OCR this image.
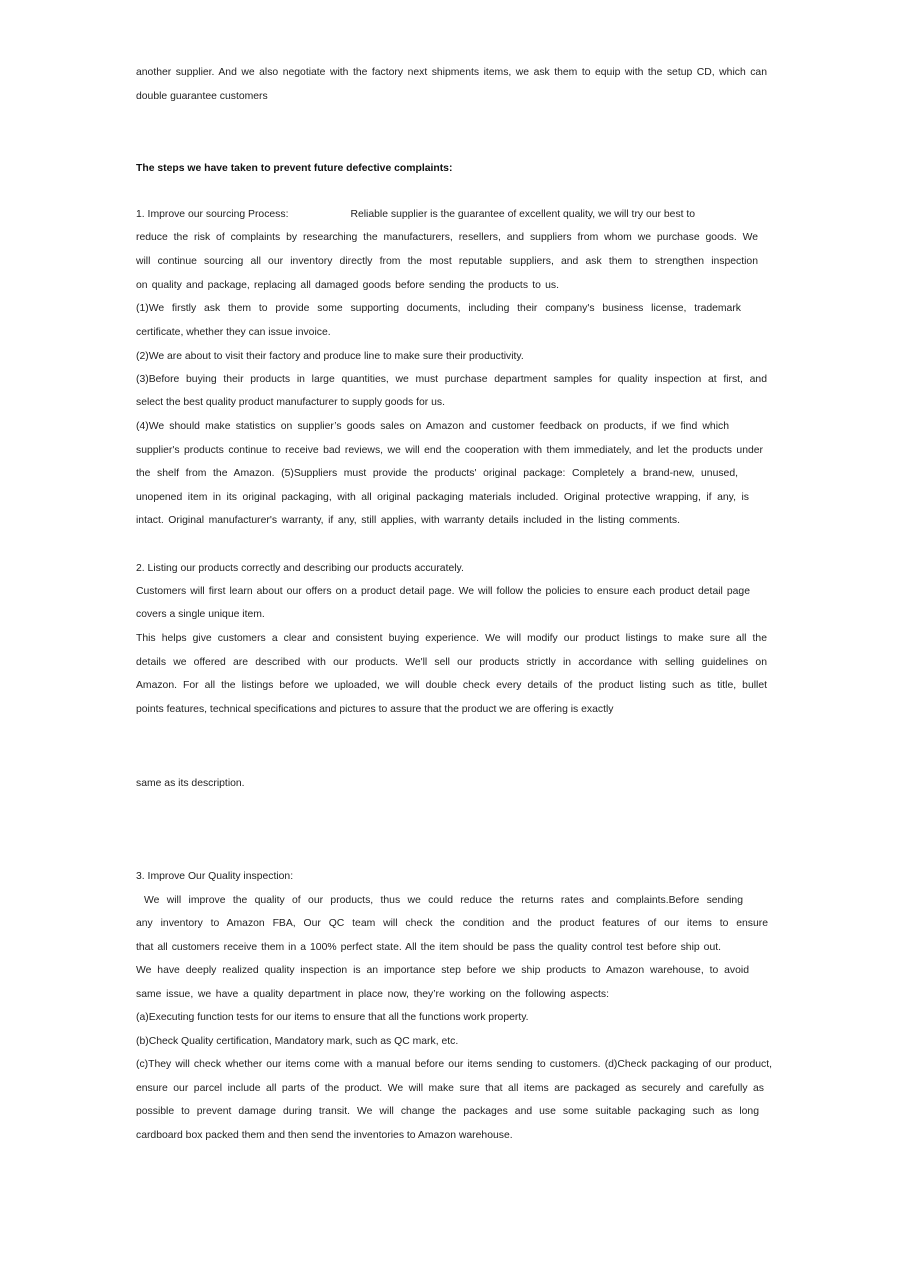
another supplier. And we also negotiate with the factory next shipments items, we ask them to equip with the setup CD, which can

double guarantee customers

The steps we have taken to prevent future defective complaints:

1. Improve our sourcing Process:	Reliable supplier is the guarantee of excellent quality, we will try our best to

reduce the risk of complaints by researching the manufacturers, resellers, and suppliers from whom we purchase goods. We

will continue sourcing all our inventory directly from the most reputable suppliers, and ask them to strengthen inspection

on quality and package, replacing all damaged goods before sending the products to us.

(1)We firstly ask them to provide some supporting documents, including their company's business license, trademark

certificate, whether they can issue invoice.

(2)We are about to visit their factory and produce line to make sure their productivity.

(3)Before buying their products in large quantities, we must purchase department samples for quality inspection at first, and

select the best quality product manufacturer to supply goods for us.

(4)We should make statistics on supplier’s goods sales on Amazon and customer feedback on products, if we find which

supplier's products continue to receive bad reviews, we will end the cooperation with them immediately, and let the products under

the shelf from the Amazon. (5)Suppliers must provide the products' original package: Completely a brand-new, unused,

unopened item in its original packaging, with all original packaging materials included. Original protective wrapping, if any, is

intact. Original manufacturer's warranty, if any, still applies, with warranty details included in the listing comments.

2. Listing our products correctly and describing our products accurately.

Customers will first learn about our offers on a product detail page. We will follow the policies to ensure each product detail page

covers a single unique item.

This helps give customers a clear and consistent buying experience. We will modify our product listings to make sure all the

details we offered are described with our products. We'll sell our products strictly in accordance with selling guidelines on

Amazon. For all the listings before we uploaded, we will double check every details of the product listing such as title, bullet

points features, technical specifications and pictures to assure that the product we are offering is exactly

same as its description.

3. Improve Our Quality inspection:

We will improve the quality of our products, thus we could reduce the returns rates and complaints.Before sending

any inventory to Amazon FBA, Our QC team will check the condition and the product features of our items to ensure

that all customers receive them in a 100% perfect state. All the item should be pass the quality control test before ship out.

We have deeply realized quality inspection is an importance step before we ship products to Amazon warehouse, to avoid

same issue, we have a quality department in place now, they’re working on the following aspects:

(a)Executing function tests for our items to ensure that all the functions work property.

(b)Check Quality certification, Mandatory mark, such as QC mark, etc.

(c)They will check whether our items come with a manual before our items sending to customers. (d)Check packaging of our product,

ensure our parcel include all parts of the product. We will make sure that all items are packaged as securely and carefully as

possible to prevent damage during transit. We will change the packages and use some suitable packaging such as long

cardboard box packed them and then send the inventories to Amazon warehouse.
